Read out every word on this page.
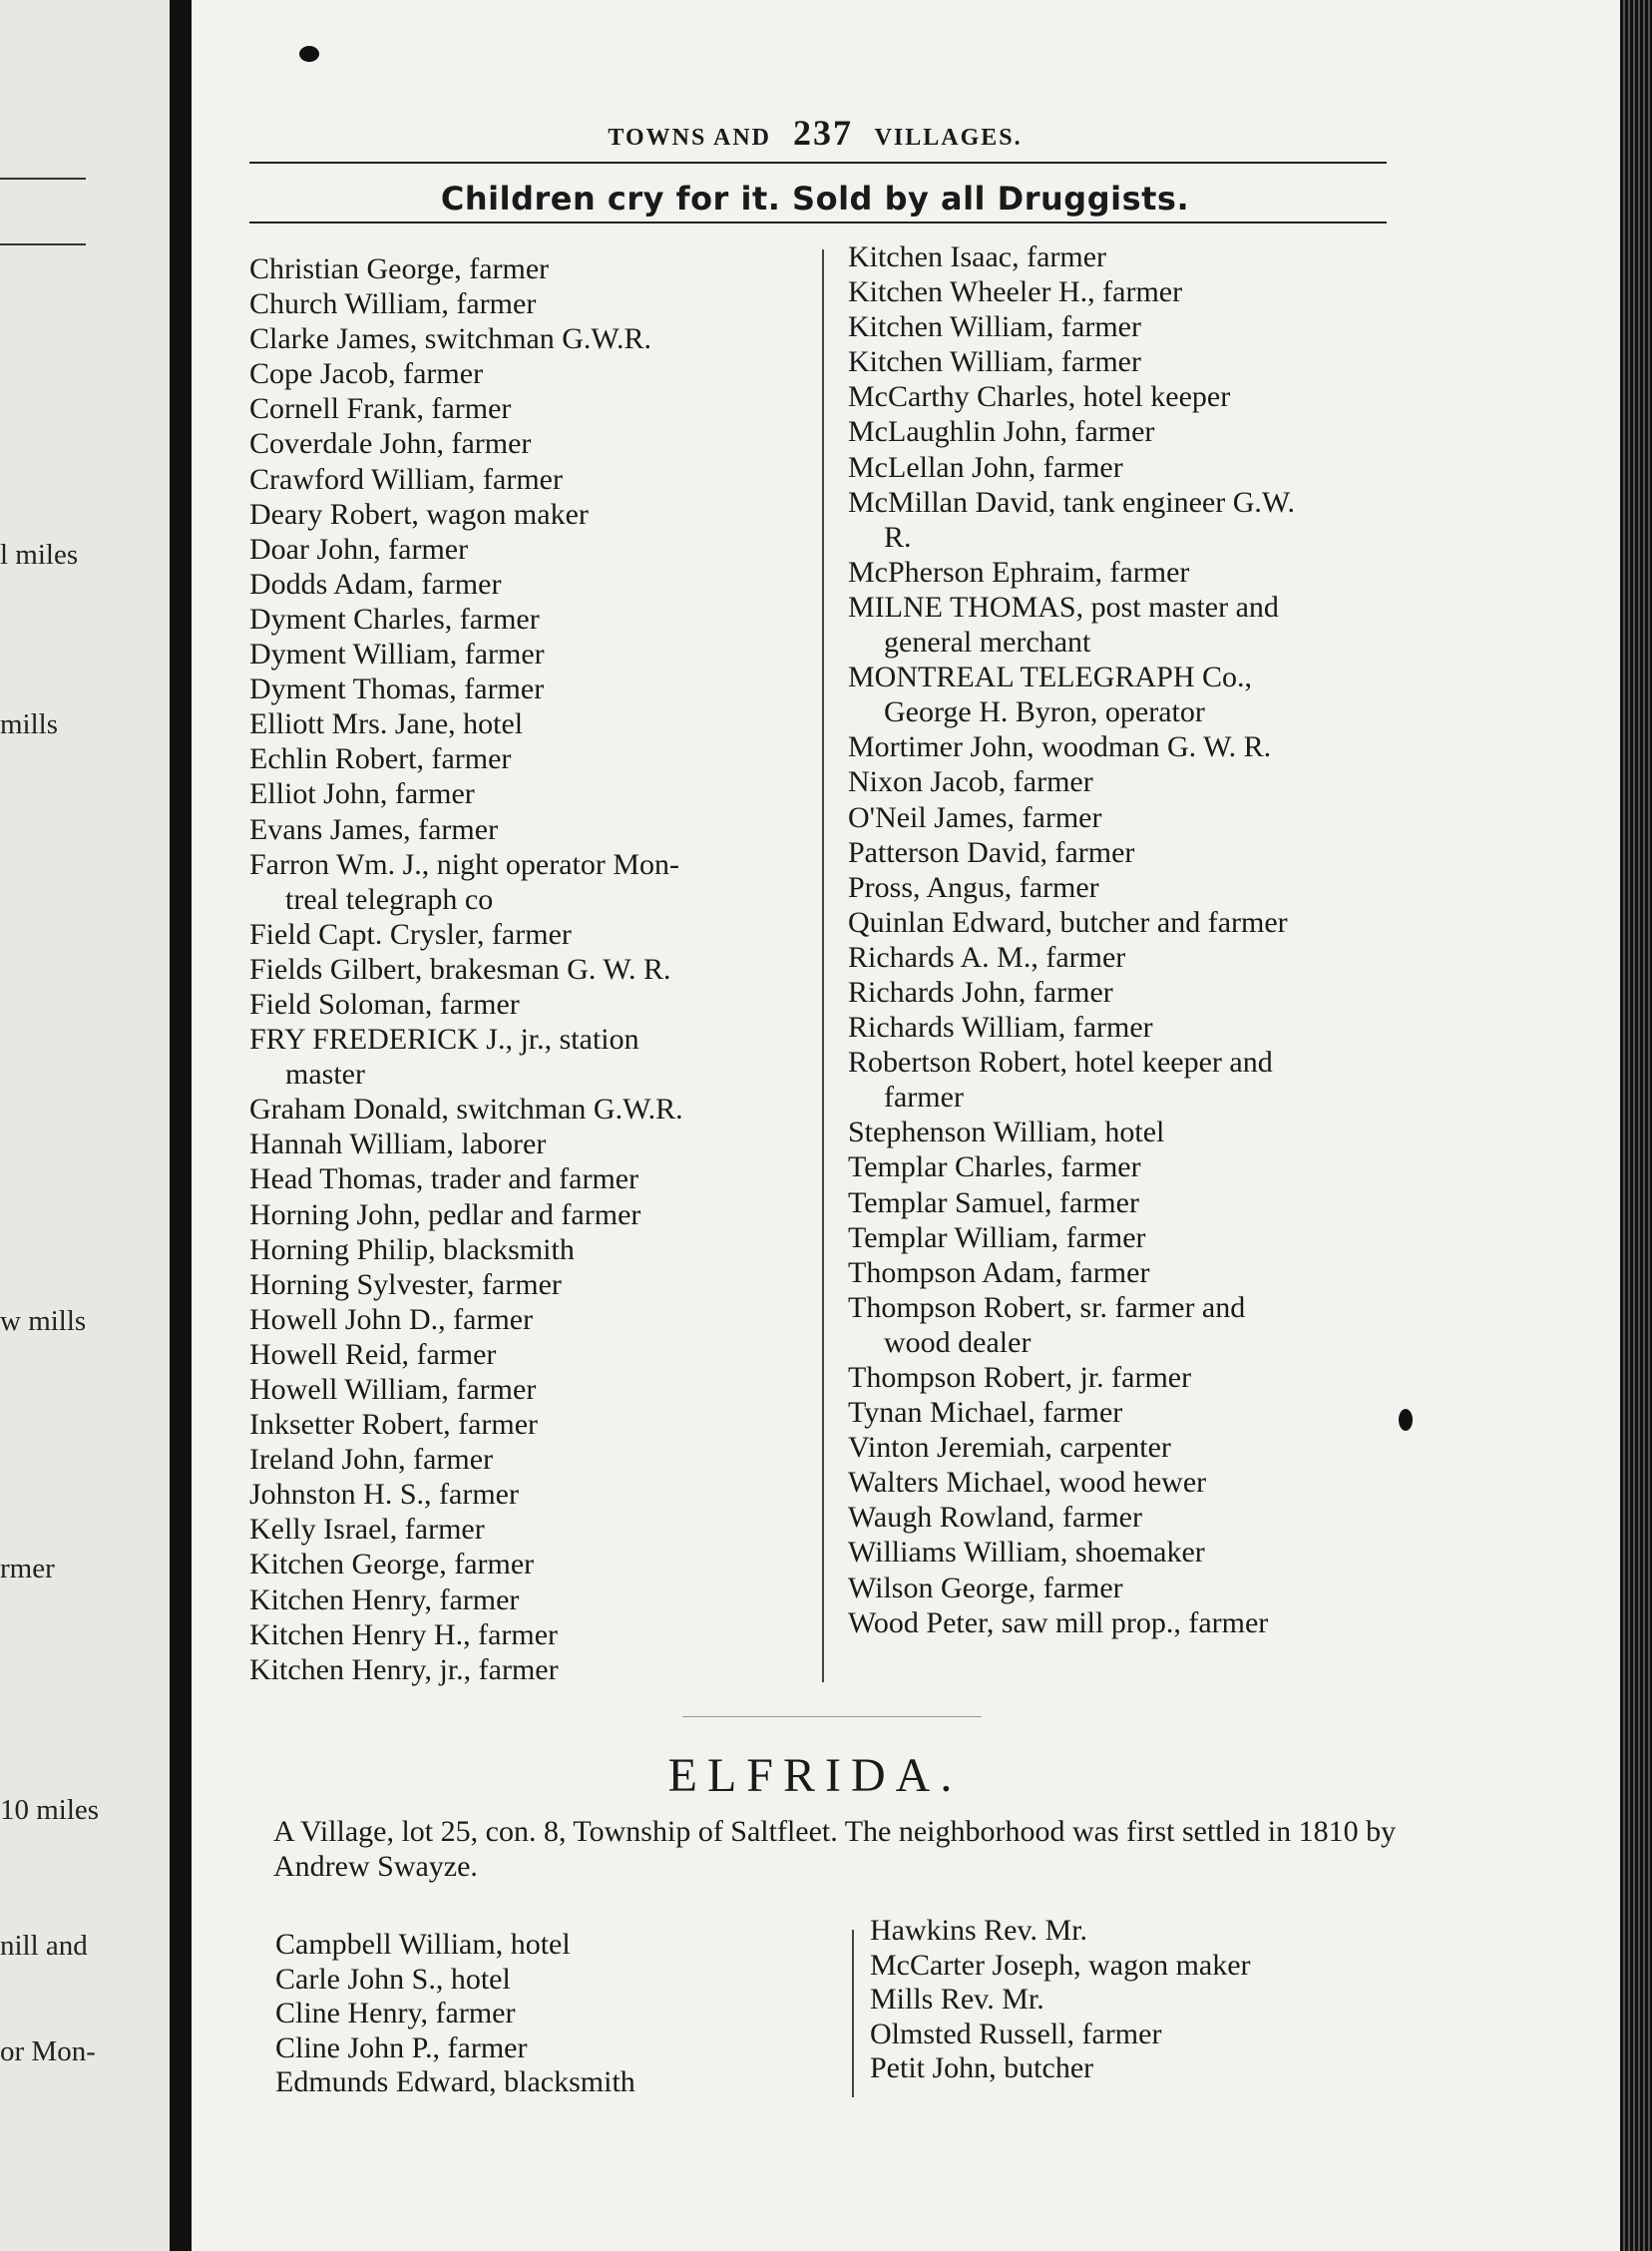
l miles
mills
w mills
rmer
10 miles
nill and
or Mon-
TOWNS AND 237 VILLAGES.
Children cry for it. Sold by all Druggists.
Christian George, farmer
Church William, farmer
Clarke James, switchman G.W.R.
Cope Jacob, farmer
Cornell Frank, farmer
Coverdale John, farmer
Crawford William, farmer
Deary Robert, wagon maker
Doar John, farmer
Dodds Adam, farmer
Dyment Charles, farmer
Dyment William, farmer
Dyment Thomas, farmer
Elliott Mrs. Jane, hotel
Echlin Robert, farmer
Elliot John, farmer
Evans James, farmer
Farron Wm. J., night operator Mon-
treal telegraph co
Field Capt. Crysler, farmer
Fields Gilbert, brakesman G. W. R.
Field Soloman, farmer
FRY FREDERICK J., jr., station
master
Graham Donald, switchman G.W.R.
Hannah William, laborer
Head Thomas, trader and farmer
Horning John, pedlar and farmer
Horning Philip, blacksmith
Horning Sylvester, farmer
Howell John D., farmer
Howell Reid, farmer
Howell William, farmer
Inksetter Robert, farmer
Ireland John, farmer
Johnston H. S., farmer
Kelly Israel, farmer
Kitchen George, farmer
Kitchen Henry, farmer
Kitchen Henry H., farmer
Kitchen Henry, jr., farmer
Kitchen Isaac, farmer
Kitchen Wheeler H., farmer
Kitchen William, farmer
Kitchen William, farmer
McCarthy Charles, hotel keeper
McLaughlin John, farmer
McLellan John, farmer
McMillan David, tank engineer G.W.
R.
McPherson Ephraim, farmer
MILNE THOMAS, post master and
general merchant
MONTREAL TELEGRAPH Co.,
George H. Byron, operator
Mortimer John, woodman G. W. R.
Nixon Jacob, farmer
O'Neil James, farmer
Patterson David, farmer
Pross, Angus, farmer
Quinlan Edward, butcher and farmer
Richards A. M., farmer
Richards John, farmer
Richards William, farmer
Robertson Robert, hotel keeper and
farmer
Stephenson William, hotel
Templar Charles, farmer
Templar Samuel, farmer
Templar William, farmer
Thompson Adam, farmer
Thompson Robert, sr. farmer and
wood dealer
Thompson Robert, jr. farmer
Tynan Michael, farmer
Vinton Jeremiah, carpenter
Walters Michael, wood hewer
Waugh Rowland, farmer
Williams William, shoemaker
Wilson George, farmer
Wood Peter, saw mill prop., farmer
ELFRIDA.
A Village, lot 25, con. 8, Township of Saltfleet. The neighborhood was first settled in 1810 by Andrew Swayze.
Campbell William, hotel
Carle John S., hotel
Cline Henry, farmer
Cline John P., farmer
Edmunds Edward, blacksmith
Hawkins Rev. Mr.
McCarter Joseph, wagon maker
Mills Rev. Mr.
Olmsted Russell, farmer
Petit John, butcher
